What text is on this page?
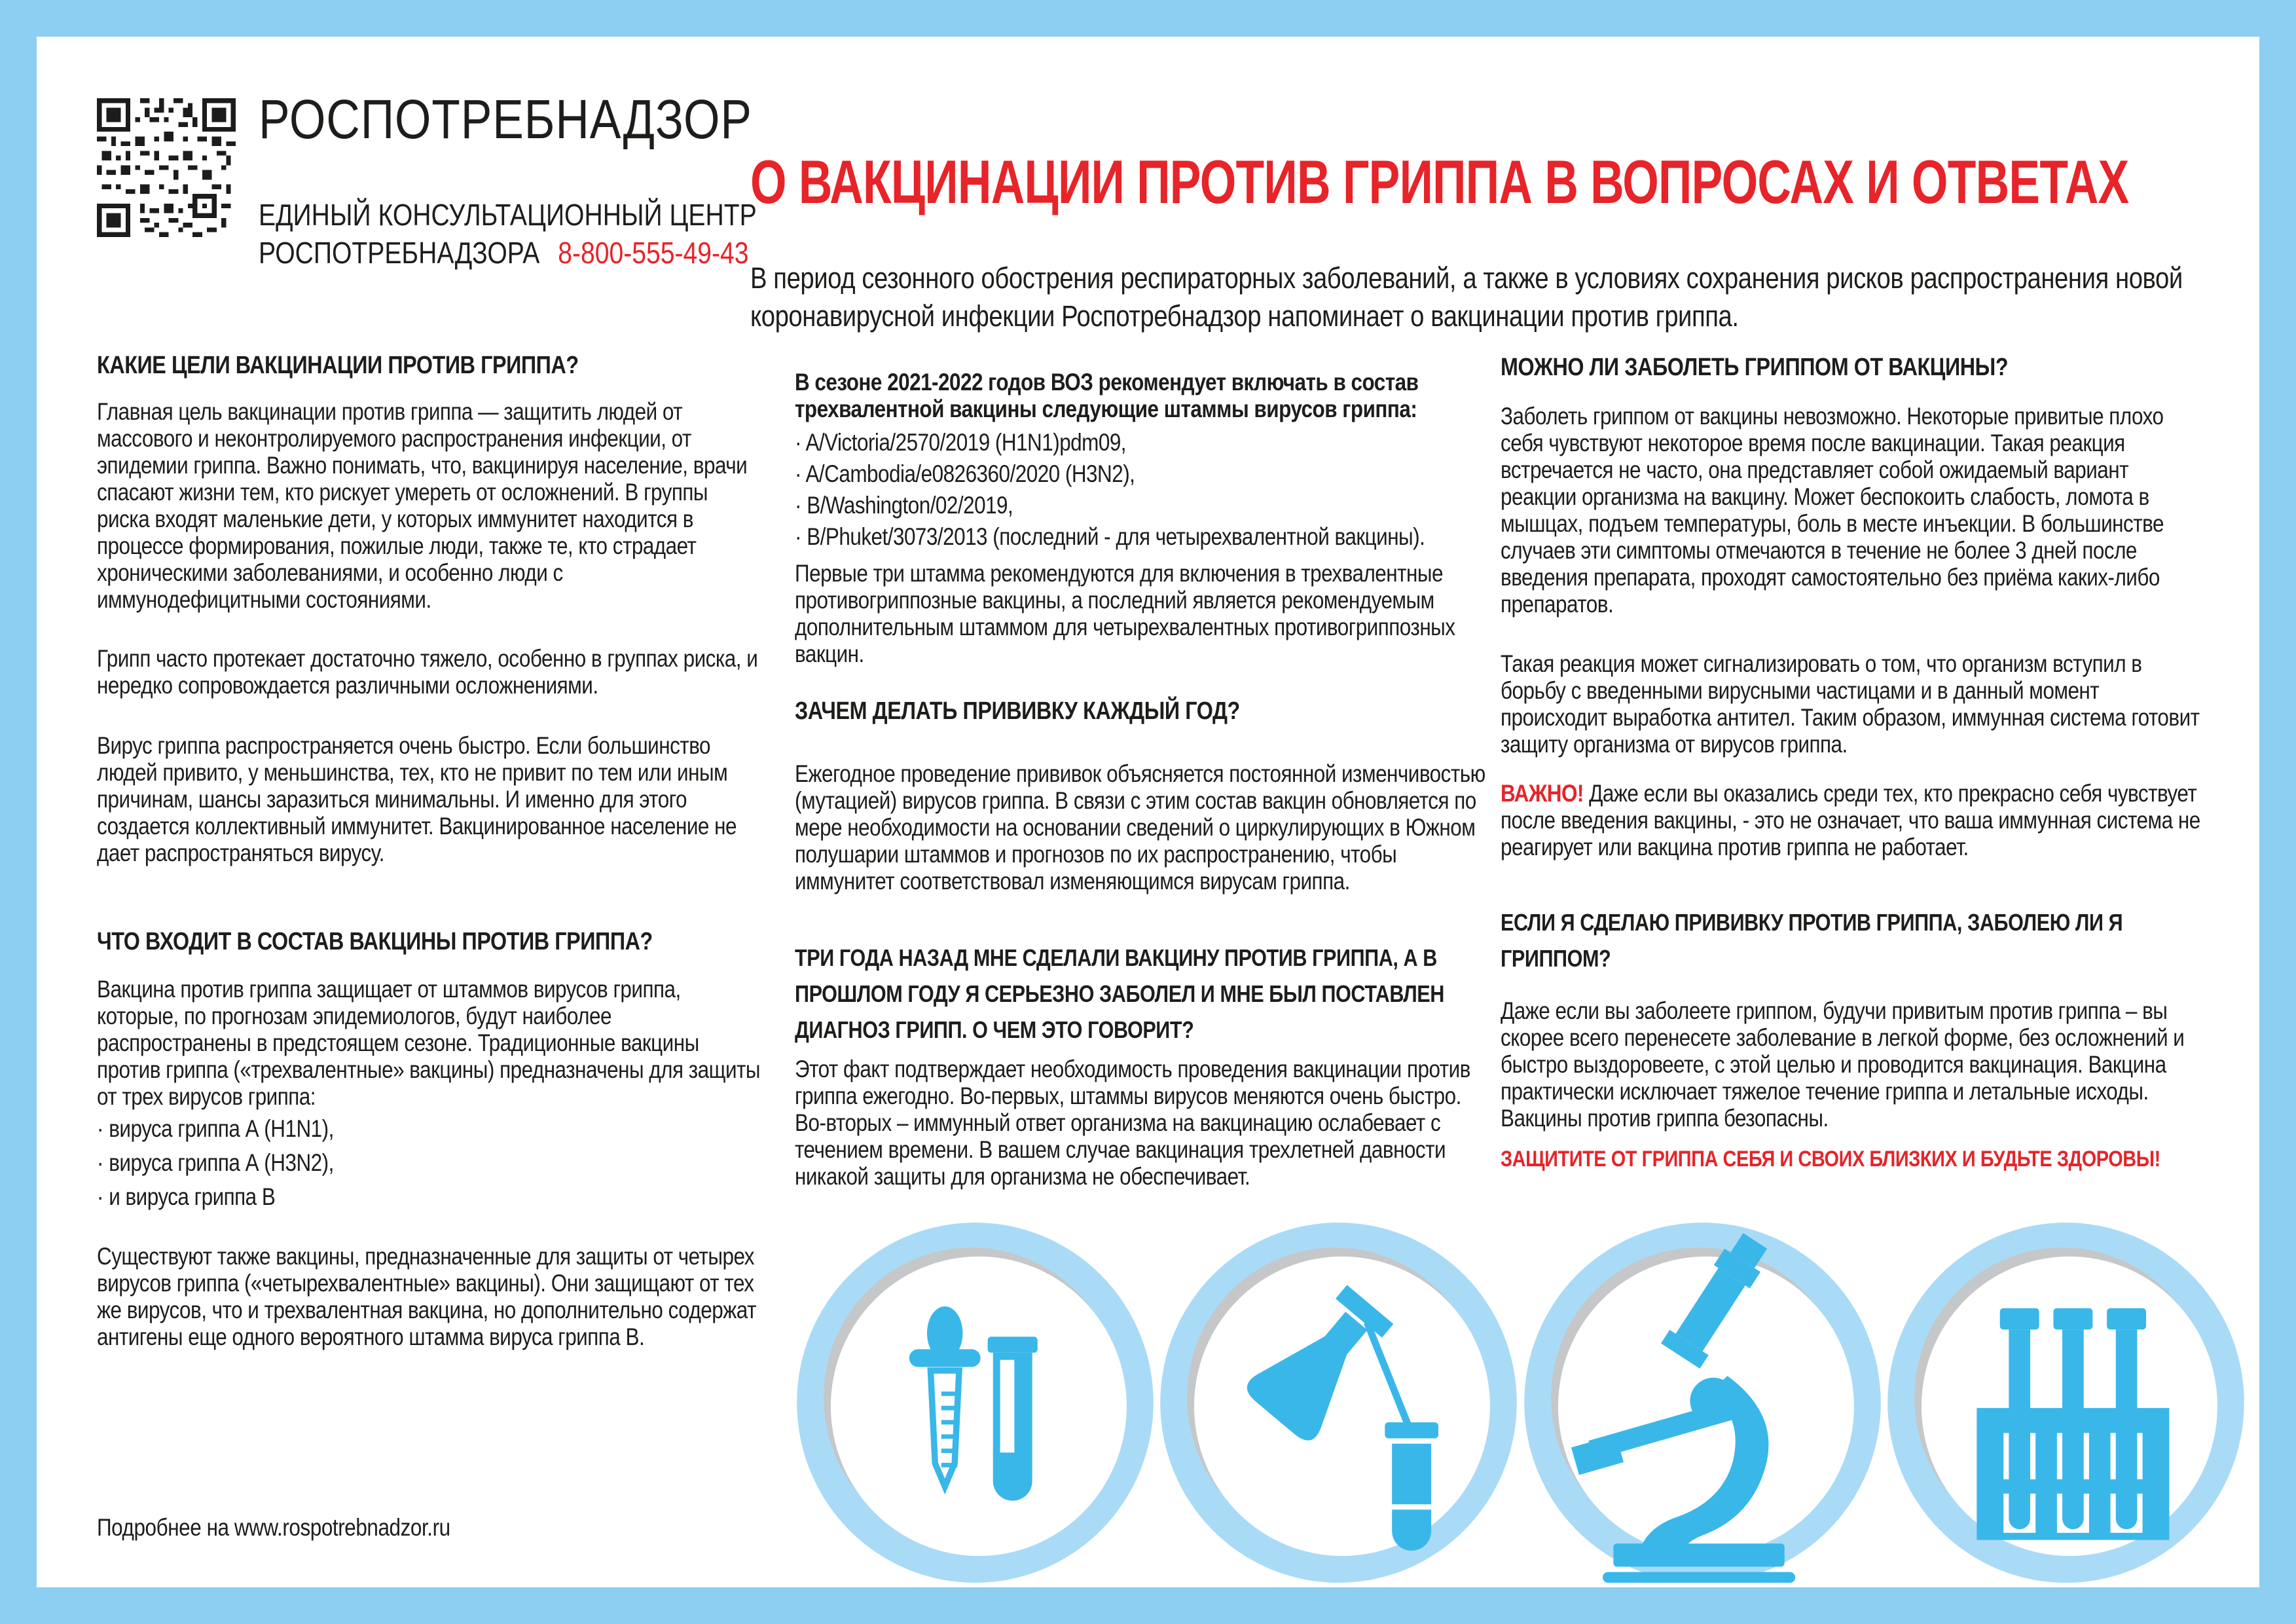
РОСПОТРЕБНАДЗОР
ЕДИНЫЙ КОНСУЛЬТАЦИОННЫЙ ЦЕНТР
РОСПОТРЕБНАДЗОРА 8-800-555-49-43
О ВАКЦИНАЦИИ ПРОТИВ ГРИППА В ВОПРОСАХ И ОТВЕТАХ
В период сезонного обострения респираторных заболеваний, а также в условиях сохранения рисков распространения новой коронавирусной инфекции Роспотребнадзор напоминает о вакцинации против гриппа.
КАКИЕ ЦЕЛИ ВАКЦИНАЦИИ ПРОТИВ ГРИППА?
Главная цель вакцинации против гриппа — защитить людей от массового и неконтролируемого распространения инфекции, от эпидемии гриппа. Важно понимать, что, вакцинируя население, врачи спасают жизни тем, кто рискует умереть от осложнений. В группы риска входят маленькие дети, у которых иммунитет находится в процессе формирования, пожилые люди, также те, кто страдает хроническими заболеваниями, и особенно люди с иммунодефицитными состояниями.
Грипп часто протекает достаточно тяжело, особенно в группах риска, и нередко сопровождается различными осложнениями.
Вирус гриппа распространяется очень быстро. Если большинство людей привито, у меньшинства, тех, кто не привит по тем или иным причинам, шансы заразиться минимальны. И именно для этого создается коллективный иммунитет. Вакцинированное население не дает распространяться вирусу.
ЧТО ВХОДИТ В СОСТАВ ВАКЦИНЫ ПРОТИВ ГРИППА?
Вакцина против гриппа защищает от штаммов вирусов гриппа, которые, по прогнозам эпидемиологов, будут наиболее распространены в предстоящем сезоне. Традиционные вакцины против гриппа («трехвалентные» вакцины) предназначены для защиты от трех вирусов гриппа:
· вируса гриппа А (H1N1),
· вируса гриппа А (H3N2),
· и вируса гриппа В
Существуют также вакцины, предназначенные для защиты от четырех вирусов гриппа («четырехвалентные» вакцины). Они защищают от тех же вирусов, что и трехвалентная вакцина, но дополнительно содержат антигены еще одного вероятного штамма вируса гриппа В.
В сезоне 2021-2022 годов ВОЗ рекомендует включать в состав трехвалентной вакцины следующие штаммы вирусов гриппа:
· A/Victoria/2570/2019 (H1N1)pdm09,
· A/Cambodia/e0826360/2020 (H3N2),
· B/Washington/02/2019,
· B/Phuket/3073/2013 (последний - для четырехвалентной вакцины).
Первые три штамма рекомендуются для включения в трехвалентные противогриппозные вакцины, а последний является рекомендуемым дополнительным штаммом для четырехвалентных противогриппозных вакцин.
ЗАЧЕМ ДЕЛАТЬ ПРИВИВКУ КАЖДЫЙ ГОД?
Ежегодное проведение прививок объясняется постоянной изменчивостью (мутацией) вирусов гриппа. В связи с этим состав вакцин обновляется по мере необходимости на основании сведений о циркулирующих в Южном полушарии штаммов и прогнозов по их распространению, чтобы иммунитет соответствовал изменяющимся вирусам гриппа.
ТРИ ГОДА НАЗАД МНЕ СДЕЛАЛИ ВАКЦИНУ ПРОТИВ ГРИППА, А В ПРОШЛОМ ГОДУ Я СЕРЬЕЗНО ЗАБОЛЕЛ И МНЕ БЫЛ ПОСТАВЛЕН ДИАГНОЗ ГРИПП. О ЧЕМ ЭТО ГОВОРИТ?
Этот факт подтверждает необходимость проведения вакцинации против гриппа ежегодно. Во-первых, штаммы вирусов меняются очень быстро. Во-вторых – иммунный ответ организма на вакцинацию ослабевает с течением времени. В вашем случае вакцинация трехлетней давности никакой защиты для организма не обеспечивает.
МОЖНО ЛИ ЗАБОЛЕТЬ ГРИППОМ ОТ ВАКЦИНЫ?
Заболеть гриппом от вакцины невозможно. Некоторые привитые плохо себя чувствуют некоторое время после вакцинации. Такая реакция встречается не часто, она представляет собой ожидаемый вариант реакции организма на вакцину. Может беспокоить слабость, ломота в мышцах, подъем температуры, боль в месте инъекции. В большинстве случаев эти симптомы отмечаются в течение не более 3 дней после введения препарата, проходят самостоятельно без приёма каких-либо препаратов.
Такая реакция может сигнализировать о том, что организм вступил в борьбу с введенными вирусными частицами и в данный момент происходит выработка антител. Таким образом, иммунная система готовит защиту организма от вирусов гриппа.
ВАЖНО! Даже если вы оказались среди тех, кто прекрасно себя чувствует после введения вакцины, - это не означает, что ваша иммунная система не реагирует или вакцина против гриппа не работает.
ЕСЛИ Я СДЕЛАЮ ПРИВИВКУ ПРОТИВ ГРИППА, ЗАБОЛЕЮ ЛИ Я ГРИППОМ?
Даже если вы заболеете гриппом, будучи привитым против гриппа – вы скорее всего перенесете заболевание в легкой форме, без осложнений и быстро выздоровеете, с этой целью и проводится вакцинация. Вакцина практически исключает тяжелое течение гриппа и летальные исходы. Вакцины против гриппа безопасны.
ЗАЩИТИТЕ ОТ ГРИППА СЕБЯ И СВОИХ БЛИЗКИХ И БУДЬТЕ ЗДОРОВЫ!
Подробнее на www.rospotrebnadzor.ru
